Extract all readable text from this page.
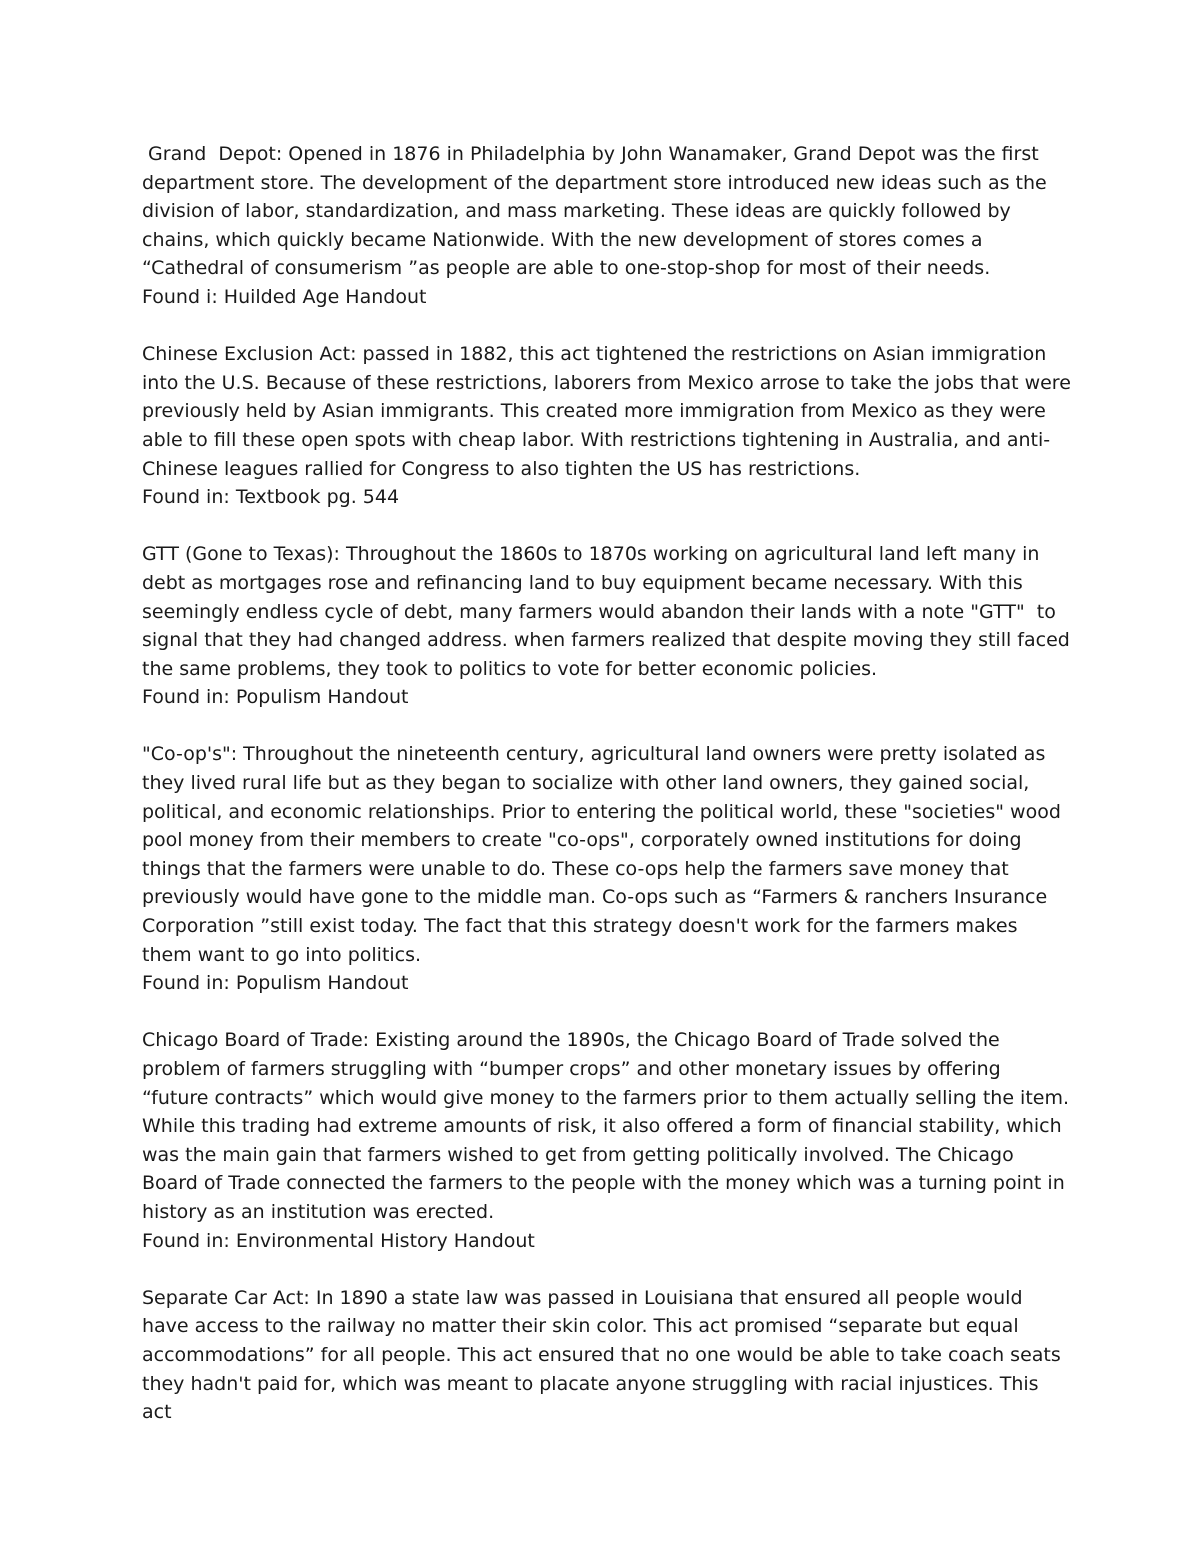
Grand  Depot: Opened in 1876 in Philadelphia by John Wanamaker, Grand Depot was the first department store. The development of the department store introduced new ideas such as the division of labor, standardization, and mass marketing. These ideas are quickly followed by chains, which quickly became Nationwide. With the new development of stores comes a “Cathedral of consumerism ”as people are able to one-stop-shop for most of their needs.

Found i: Huilded Age Handout

Chinese Exclusion Act: passed in 1882, this act tightened the restrictions on Asian immigration into the U.S. Because of these restrictions, laborers from Mexico arrose to take the jobs that were previously held by Asian immigrants. This created more immigration from Mexico as they were able to fill these open spots with cheap labor. With restrictions tightening in Australia, and anti-Chinese leagues rallied for Congress to also tighten the US has restrictions.

Found in: Textbook pg. 544

GTT (Gone to Texas): Throughout the 1860s to 1870s working on agricultural land left many in debt as mortgages rose and refinancing land to buy equipment became necessary. With this seemingly endless cycle of debt, many farmers would abandon their lands with a note "GTT"  to signal that they had changed address. when farmers realized that despite moving they still faced the same problems, they took to politics to vote for better economic policies.

Found in: Populism Handout

"Co-op's": Throughout the nineteenth century, agricultural land owners were pretty isolated as they lived rural life but as they began to socialize with other land owners, they gained social, political, and economic relationships. Prior to entering the political world, these "societies" wood pool money from their members to create "co-ops", corporately owned institutions for doing things that the farmers were unable to do. These co-ops help the farmers save money that previously would have gone to the middle man. Co-ops such as “Farmers & ranchers Insurance Corporation ”still exist today. The fact that this strategy doesn't work for the farmers makes them want to go into politics.

Found in: Populism Handout

Chicago Board of Trade: Existing around the 1890s, the Chicago Board of Trade solved the problem of farmers struggling with “bumper crops” and other monetary issues by offering “future contracts” which would give money to the farmers prior to them actually selling the item. While this trading had extreme amounts of risk, it also offered a form of financial stability, which was the main gain that farmers wished to get from getting politically involved. The Chicago Board of Trade connected the farmers to the people with the money which was a turning point in history as an institution was erected.

Found in: Environmental History Handout

Separate Car Act: In 1890 a state law was passed in Louisiana that ensured all people would have access to the railway no matter their skin color. This act promised “separate but equal accommodations” for all people. This act ensured that no one would be able to take coach seats they hadn't paid for, which was meant to placate anyone struggling with racial injustices. This act
